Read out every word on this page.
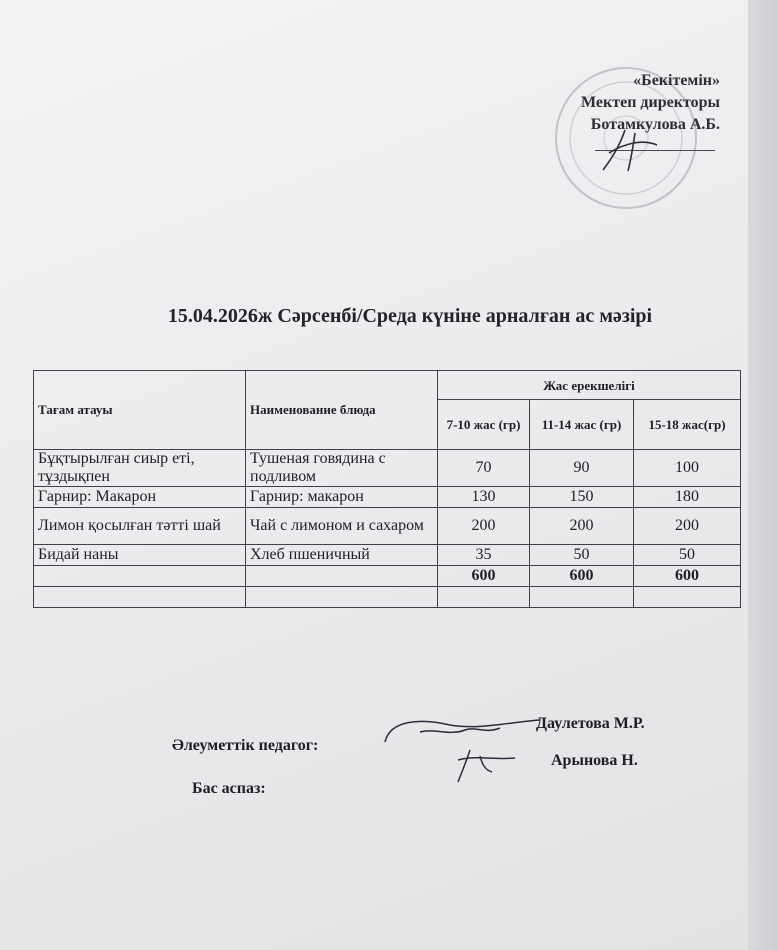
«Бекітемін»
Мектеп директоры
Ботамкулова А.Б.
15.04.2026ж Сәрсенбі/Среда күніне арналған ас мәзірі
Тағам атауы	Наименование блюда	Жас ерекшелігі		
		7-10 жас (гр)	11-14 жас (гр)	15-18 жас(гр)
Бұқтырылған сиыр еті, тұздықпен	Тушеная говядина с подливом	70	90	100
Гарнир: Макарон	Гарнир: макарон	130	150	180
Лимон қосылған тәтті шай	Чай с лимоном и сахаром	200	200	200
Бидай наны	Хлеб пшеничный	35	50	50
		600	600	600

Әлеуметтік педагог:
Даулетова М.Р.
Бас аспаз:
Арынова Н.
